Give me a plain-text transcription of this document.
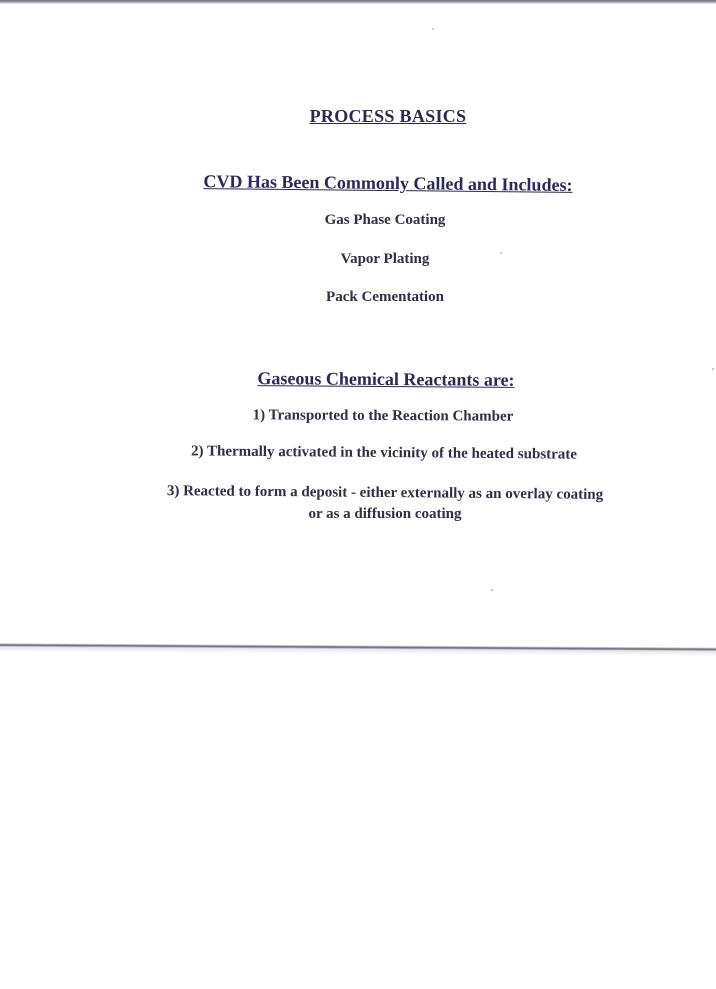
PROCESS BASICS
CVD Has Been Commonly Called and Includes:
Gas Phase Coating
Vapor Plating
Pack Cementation
Gaseous Chemical Reactants are:
1) Transported to the Reaction Chamber
2) Thermally activated in the vicinity of the heated substrate
3) Reacted to form a deposit - either externally as an overlay coating
or as a diffusion coating
